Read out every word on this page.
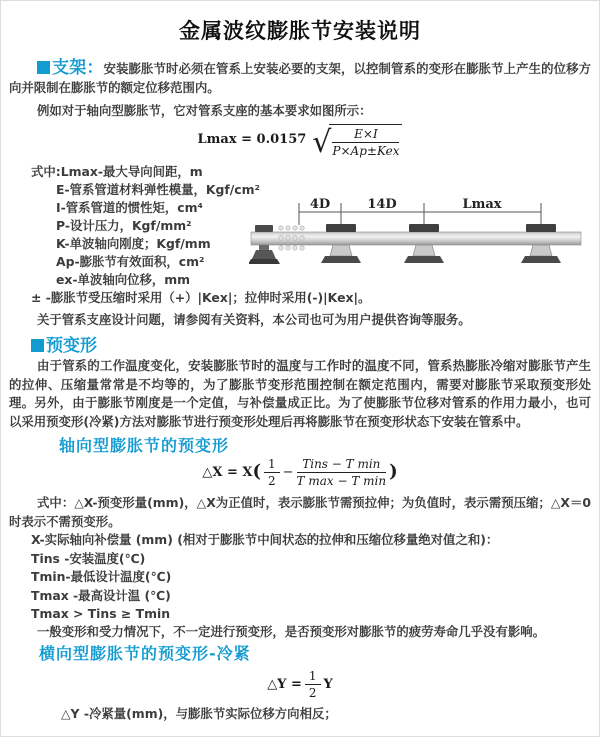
金属波纹膨胀节安装说明
支架：安装膨胀节时必须在管系上安装必要的支架，以控制管系的变形在膨胀节上产生的位移方向并限制在膨胀节的额定位移范围内。
例如对于轴向型膨胀节，它对管系支座的基本要求如图所示：
Lmax = 0.0157 √ $\frac{E\times I}{\text{P×Ap±Kex}}$
式中:Lmax-最大导向间距，m
E-管系管道材料弹性模量，Kgf/cm²
I-管系管道的惯性矩，cm⁴
P-设计压力，Kgf/mm²
K-单波轴向刚度；Kgf/mm
Ap-膨胀节有效面积，cm²
ex-单波轴向位移，mm
4D	14D	Lmax
± -膨胀节受压缩时采用（+）|Kex|；拉伸时采用(-)|Kex|。
关于管系支座设计问题，请参阅有关资料，本公司也可为用户提供咨询等服务。
预变形
由于管系的工作温度变化，安装膨胀节时的温度与工作时的温度不同，管系热膨胀冷缩对膨胀节产生的拉伸、压缩量常常是不均等的，为了膨胀节变形范围控制在额定范围内，需要对膨胀节采取预变形处理。另外，由于膨胀节刚度是一个定值，与补偿量成正比。为了使膨胀节位移对管系的作用力最小，也可以采用预变形(冷紧)方法对膨胀节进行预变形处理后再将膨胀节在预变形状态下安装在管系中。
轴向型膨胀节的预变形
△X = X ( $\frac{1}{2} - \frac{\text{Tins − T min}}{\text{T max − T min}}$ )
式中：△X-预变形量(mm)，△X为正值时，表示膨胀节需预拉伸；为负值时，表示需预压缩；△X＝0时表示不需预变形。
X-实际轴向补偿量 (mm) (相对于膨胀节中间状态的拉伸和压缩位移量绝对值之和)：
Tins -安装温度(℃)
Tmin-最低设计温度(℃)
Tmax -最高设计温 (℃)
Tmax > Tins ≥ Tmin
一般变形和受力情况下，不一定进行预变形，是否预变形对膨胀节的疲劳寿命几乎没有影响。
横向型膨胀节的预变形-冷紧
△Y = $\frac{1}{2}$ Y
△Y -冷紧量(mm)，与膨胀节实际位移方向相反；
